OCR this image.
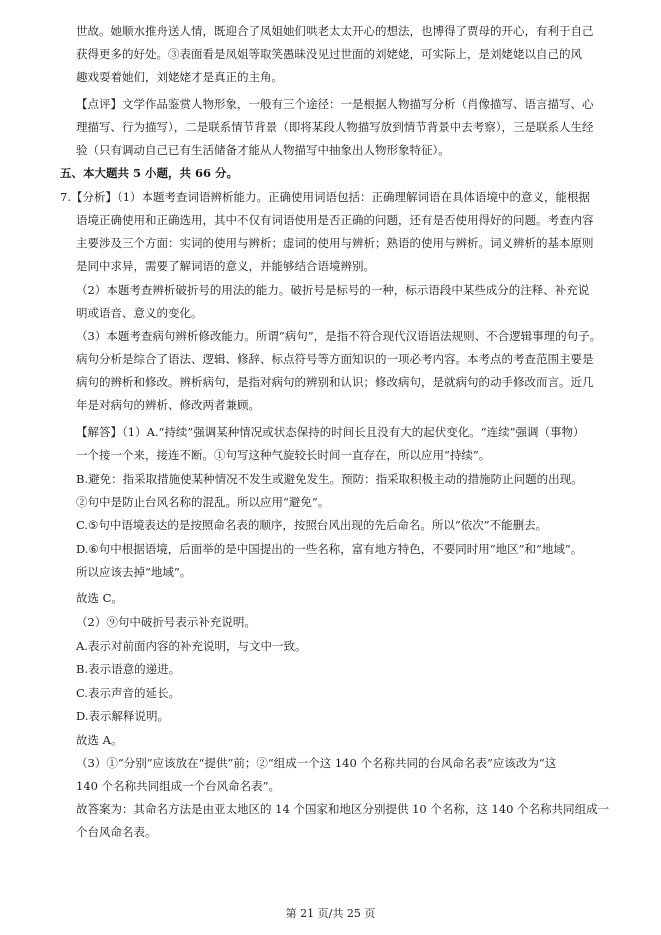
世故。她顺水推舟送人情，既迎合了凤姐她们哄老太太开心的想法，也博得了贾母的开心，有利于自己
获得更多的好处。③表面看是凤姐等取笑愚昧没见过世面的刘姥姥，可实际上，是刘姥姥以自己的风
趣戏耍着她们，刘姥姥才是真正的主角。
【点评】文学作品鉴赏人物形象，一般有三个途径：一是根据人物描写分析（肖像描写、语言描写、心
理描写、行为描写），二是联系情节背景（即将某段人物描写放到情节背景中去考察），三是联系人生经
验（只有调动自己已有生活储备才能从人物描写中抽象出人物形象特征）。
五、本大题共 5 小题，共 66 分。
7.【分析】（1）本题考查词语辨析能力。正确使用词语包括：正确理解词语在具体语境中的意义，能根据
语境正确使用和正确选用，其中不仅有词语使用是否正确的问题，还有是否使用得好的问题。考查内容
主要涉及三个方面：实词的使用与辨析；虚词的使用与辨析；熟语的使用与辨析。词义辨析的基本原则
是同中求异，需要了解词语的意义，并能够结合语境辨别。
（2）本题考查辨析破折号的用法的能力。破折号是标号的一种，标示语段中某些成分的注释、补充说
明或语音、意义的变化。
（3）本题考查病句辨析修改能力。所谓“病句”，是指不符合现代汉语语法规则、不合逻辑事理的句子。
病句分析是综合了语法、逻辑、修辞、标点符号等方面知识的一项必考内容。本考点的考查范围主要是
病句的辨析和修改。辨析病句，是指对病句的辨别和认识；修改病句，是就病句的动手修改而言。近几
年是对病句的辨析、修改两者兼顾。
【解答】（1）A.“持续”强调某种情况或状态保持的时间长且没有大的起伏变化。“连续”强调（事物）
一个接一个来，接连不断。①句写这种气旋较长时间一直存在，所以应用“持续”。
B.避免：指采取措施使某种情况不发生或避免发生。预防：指采取积极主动的措施防止问题的出现。
②句中是防止台风名称的混乱。所以应用“避免”。
C.⑤句中语境表达的是按照命名表的顺序，按照台风出现的先后命名。所以“依次”不能删去。
D.⑥句中根据语境，后面举的是中国提出的一些名称，富有地方特色，不要同时用“地区”和“地域”。
所以应该去掉“地域”。
故选 C。
（2）⑨句中破折号表示补充说明。
A.表示对前面内容的补充说明，与文中一致。
B.表示语意的递进。
C.表示声音的延长。
D.表示解释说明。
故选 A。
（3）①“分别”应该放在“提供”前；②“组成一个这 140 个名称共同的台风命名表”应该改为“这
140 个名称共同组成一个台风命名表”。
故答案为：其命名方法是由亚太地区的 14 个国家和地区分别提供 10 个名称，这 140 个名称共同组成一
个台风命名表。
第 21 页/共 25 页
